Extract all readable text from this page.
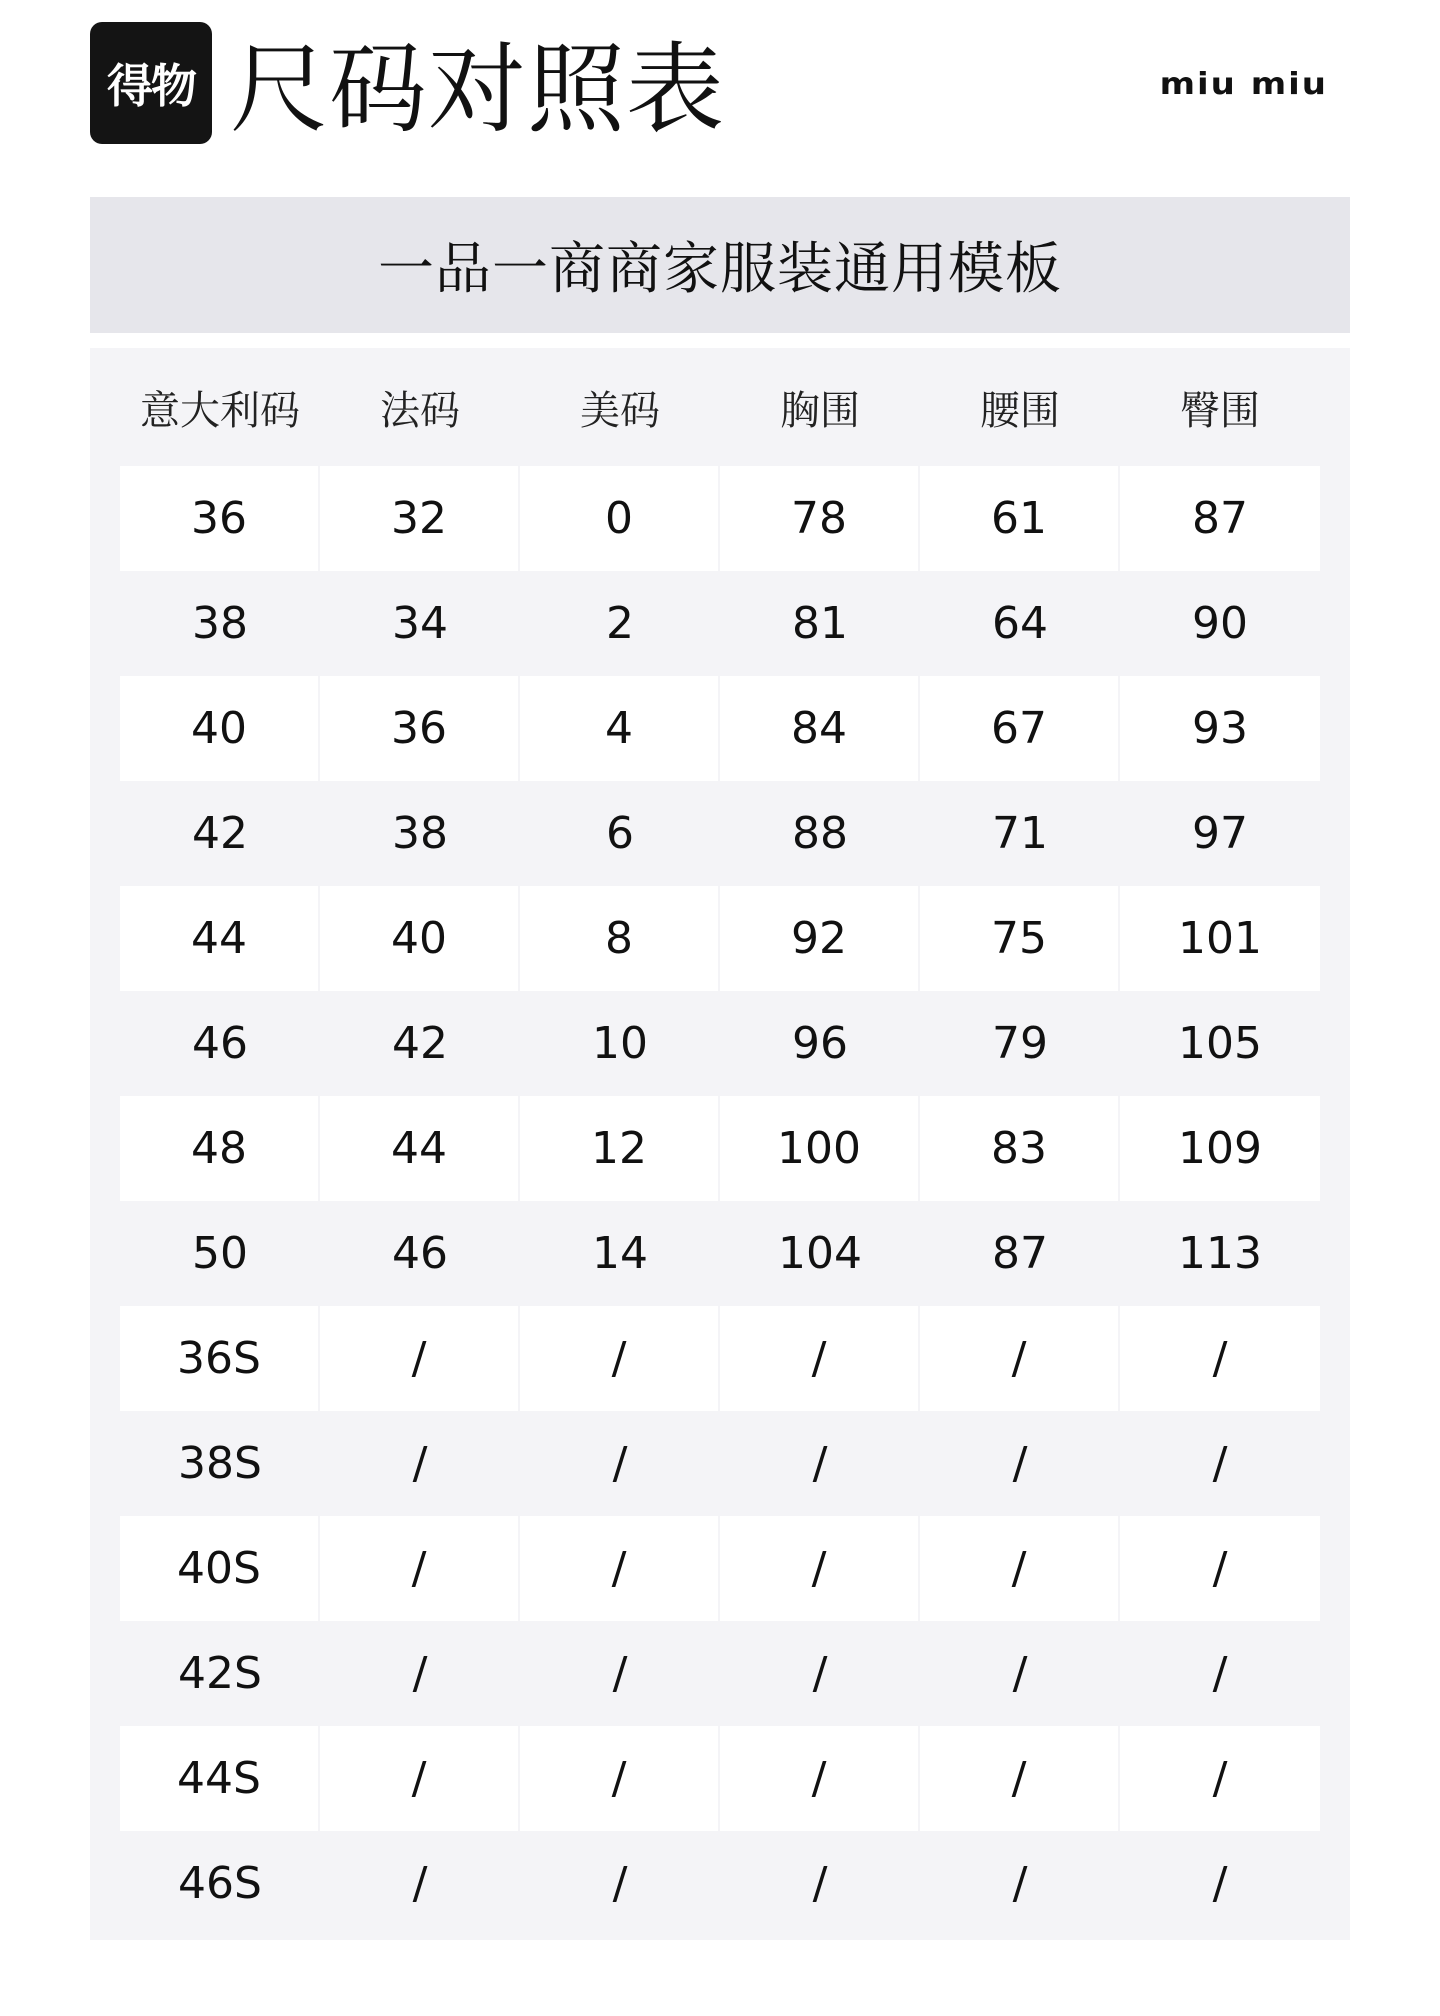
得物 尺码对照表	miu miu
一品一商商家服装通用模板
意大利码	法码	美码	胸围	腰围	臀围
36	32	0	78	61	87
38	34	2	81	64	90
40	36	4	84	67	93
42	38	6	88	71	97
44	40	8	92	75	101
46	42	10	96	79	105
48	44	12	100	83	109
50	46	14	104	87	113
36S	/	/	/	/	/
38S	/	/	/	/	/
40S	/	/	/	/	/
42S	/	/	/	/	/
44S	/	/	/	/	/
46S	/	/	/	/	/
